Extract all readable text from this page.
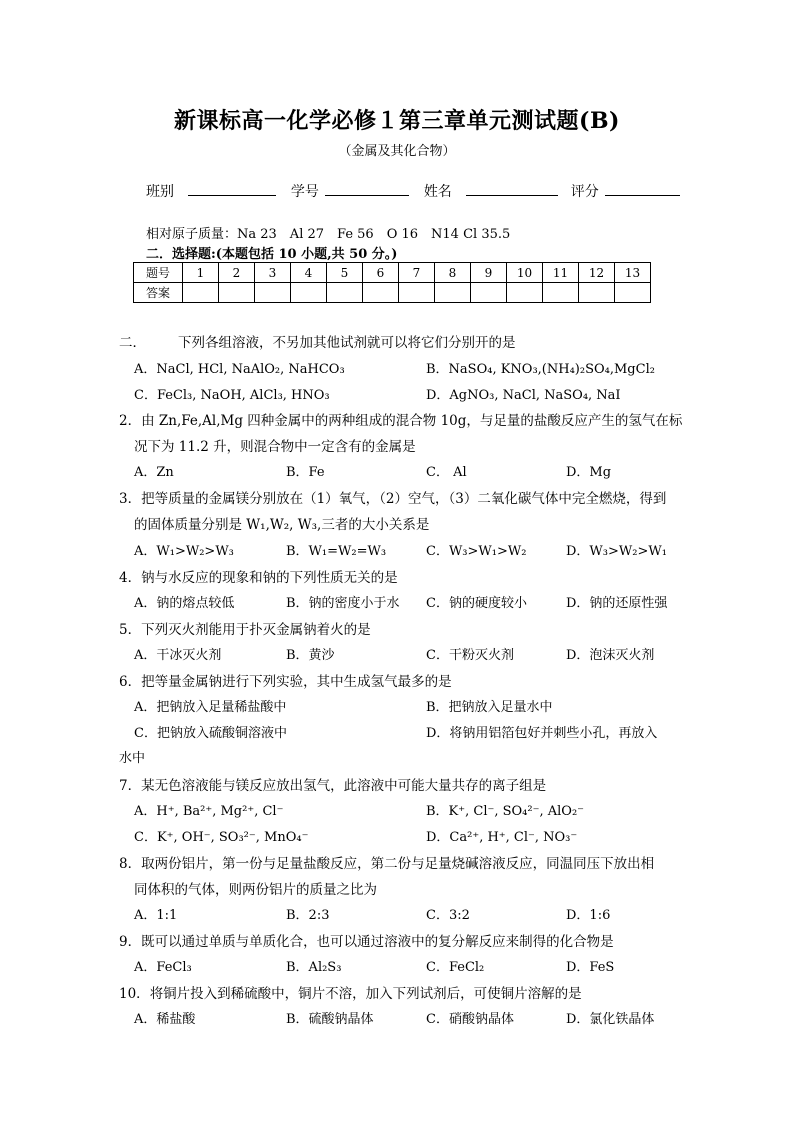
新课标高一化学必修１第三章单元测试题(B)
（金属及其化合物）
班别	学号	姓名	评分
相对原子质量：Na 23　Al 27　Fe 56　O 16　N14 Cl 35.5
二．选择题:(本题包括 10 小题,共 50 分。)
题号	1	2	3	4	5	6	7	8	9	10	11	12	13
答案													
二． 下列各组溶液，不另加其他试剂就可以将它们分别开的是
A．NaCl, HCl, NaAlO₂, NaHCO₃	B．NaSO₄, KNO₃,(NH₄)₂SO₄,MgCl₂
C．FeCl₃, NaOH, AlCl₃, HNO₃	D．AgNO₃, NaCl, NaSO₄, NaI
2．由 Zn,Fe,Al,Mg 四种金属中的两种组成的混合物 10g，与足量的盐酸反应产生的氢气在标
况下为 11.2 升，则混合物中一定含有的金属是
A．Zn	B．Fe	C． Al	D．Mg
3．把等质量的金属镁分别放在（1）氧气，（2）空气，（3）二氧化碳气体中完全燃烧，得到
的固体质量分别是 W₁,W₂, W₃,三者的大小关系是
A．W₁>W₂>W₃	B．W₁=W₂=W₃	C．W₃>W₁>W₂	D．W₃>W₂>W₁
4．钠与水反应的现象和钠的下列性质无关的是
A．钠的熔点较低	B．钠的密度小于水 C．钠的硬度较小	D．钠的还原性强
5．下列灭火剂能用于扑灭金属钠着火的是
A．干冰灭火剂	B．黄沙	C．干粉灭火剂	D．泡沫灭火剂
6．把等量金属钠进行下列实验，其中生成氢气最多的是
A．把钠放入足量稀盐酸中	B．把钠放入足量水中
C．把钠放入硫酸铜溶液中	D．将钠用铝箔包好并刺些小孔，再放入
水中
7．某无色溶液能与镁反应放出氢气，此溶液中可能大量共存的离子组是
A．H⁺, Ba²⁺, Mg²⁺, Cl⁻	B．K⁺, Cl⁻, SO₄²⁻, AlO₂⁻
C．K⁺, OH⁻, SO₃²⁻, MnO₄⁻	D．Ca²⁺, H⁺, Cl⁻, NO₃⁻
8．取两份铝片，第一份与足量盐酸反应，第二份与足量烧碱溶液反应，同温同压下放出相
同体积的气体，则两份铝片的质量之比为
A．1:1	B．2:3	C．3:2	D．1:6
9．既可以通过单质与单质化合，也可以通过溶液中的复分解反应来制得的化合物是
A．FeCl₃	B．Al₂S₃	C．FeCl₂	D．FeS
10．将铜片投入到稀硫酸中，铜片不溶，加入下列试剂后，可使铜片溶解的是
A．稀盐酸	B．硫酸钠晶体	C．硝酸钠晶体	D．氯化铁晶体
